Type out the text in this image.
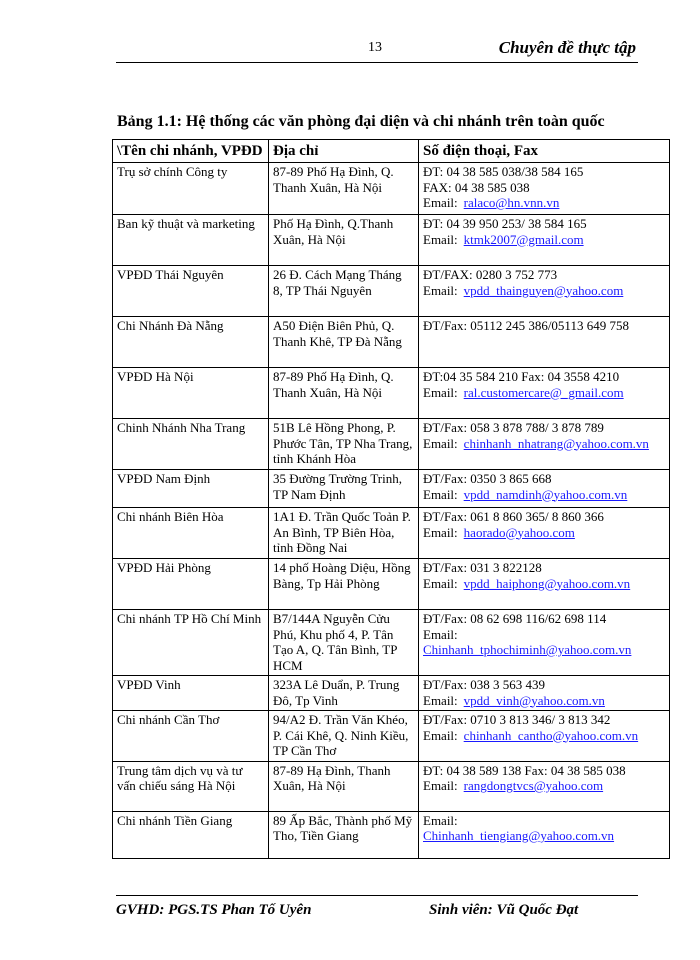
13	Chuyên đề thực tập
Bảng 1.1: Hệ thống các văn phòng đại diện và chi nhánh trên toàn quốc
\Tên chi nhánh, VPĐD	Địa chỉ	Số điện thoại, Fax
Trụ sở chính Công ty	87-89 Phố Hạ Đình, Q. Thanh Xuân, Hà Nội	ĐT: 04 38 585 038/38 584 165
FAX: 04 38 585 038
Email: ralaco@hn.vnn.vn

Ban kỹ thuật và marketing	Phố Hạ Đình, Q.Thanh Xuân, Hà Nội	ĐT: 04 39 950 253/ 38 584 165
Email: ktmk2007@gmail.com

VPĐD Thái Nguyên	26 Đ. Cách Mạng Tháng 8, TP Thái Nguyên	ĐT/FAX: 0280 3 752 773
Email: vpdd_thainguyen@yahoo.com

Chi Nhánh Đà Nẵng	A50 Điện Biên Phủ, Q. Thanh Khê, TP Đà Nẵng	ĐT/Fax: 05112 245 386/05113 649 758

VPĐD Hà Nội	87-89 Phố Hạ Đình, Q. Thanh Xuân, Hà Nội	ĐT:04 35 584 210 Fax: 04 3558 4210
Email: ral.customercare@_gmail.com

Chinh Nhánh Nha Trang	51B Lê Hồng Phong, P. Phước Tân, TP Nha Trang, tỉnh Khánh Hòa	ĐT/Fax: 058 3 878 788/ 3 878 789
Email: chinhanh_nhatrang@yahoo.com.vn

VPĐD Nam Định	35 Đường Trường Trinh, TP Nam Định	ĐT/Fax: 0350 3 865 668
Email: vpdd_namdinh@yahoo.com.vn

Chi nhánh Biên Hòa	1A1 Đ. Trần Quốc Toản P. An Bình, TP Biên Hòa, tỉnh Đồng Nai	ĐT/Fax: 061 8 860 365/ 8 860 366
Email: haorado@yahoo.com

VPĐD Hải Phòng	14 phố Hoàng Diệu, Hồng Bàng, Tp Hải Phòng	ĐT/Fax: 031 3 822128
Email: vpdd_haiphong@yahoo.com.vn

Chi nhánh TP Hồ Chí Minh	B7/144A Nguyễn Cửu Phú, Khu phố 4, P. Tân Tạo A, Q. Tân Bình, TP HCM	ĐT/Fax: 08 62 698 116/62 698 114
Email:
Chinhanh_tphochiminh@yahoo.com.vn

VPĐD Vinh	323A Lê Duẩn, P. Trung Đô, Tp Vinh	ĐT/Fax: 038 3 563 439
Email: vpdd_vinh@yahoo.com.vn

Chi nhánh Cần Thơ	94/A2 Đ. Trần Văn Khéo, P. Cái Khê, Q. Ninh Kiều, TP Cần Thơ	ĐT/Fax: 0710 3 813 346/ 3 813 342
Email: chinhanh_cantho@yahoo.com.vn

Trung tâm dịch vụ và tư vấn chiếu sáng Hà Nội	87-89 Hạ Đình, Thanh Xuân, Hà Nội	ĐT: 04 38 589 138 Fax: 04 38 585 038
Email: rangdongtvcs@yahoo.com

Chi nhánh Tiền Giang	89 Ấp Bắc, Thành phố Mỹ Tho, Tiền Giang	Email:
Chinhanh_tiengiang@yahoo.com.vn
GVHD: PGS.TS Phan Tố Uyên	Sinh viên: Vũ Quốc Đạt
